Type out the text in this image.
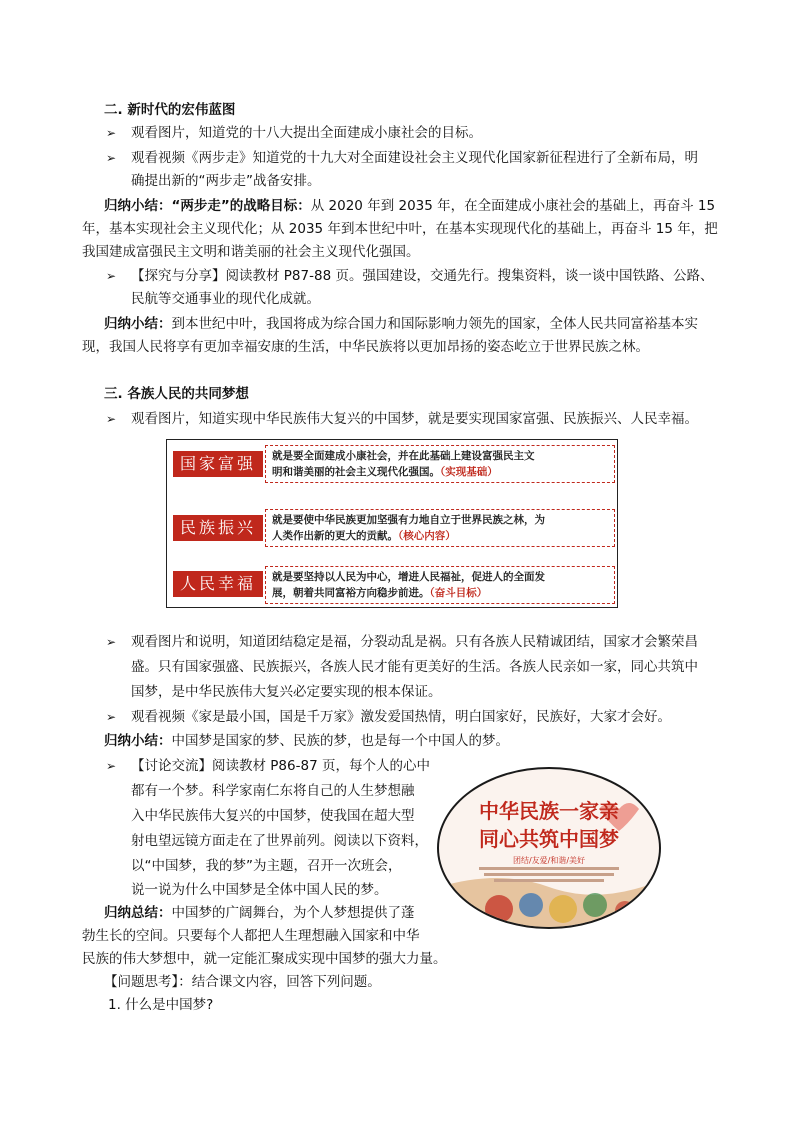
二. 新时代的宏伟蓝图
➢ 观看图片，知道党的十八大提出全面建成小康社会的目标。
➢ 观看视频《两步走》知道党的十九大对全面建设社会主义现代化国家新征程进行了全新布局，明
确提出新的“两步走”战备安排。
归纳小结：“两步走”的战略目标：从 2020 年到 2035 年，在全面建成小康社会的基础上，再奋斗 15
年，基本实现社会主义现代化；从 2035 年到本世纪中叶，在基本实现现代化的基础上，再奋斗 15 年，把
我国建成富强民主文明和谐美丽的社会主义现代化强国。
➢ 【探究与分享】阅读教材 P87-88 页。强国建设，交通先行。搜集资料，谈一谈中国铁路、公路、
民航等交通事业的现代化成就。
归纳小结：到本世纪中叶，我国将成为综合国力和国际影响力领先的国家，全体人民共同富裕基本实
现，我国人民将享有更加幸福安康的生活，中华民族将以更加昂扬的姿态屹立于世界民族之林。
三. 各族人民的共同梦想
➢ 观看图片，知道实现中华民族伟大复兴的中国梦，就是要实现国家富强、民族振兴、人民幸福。
国家富强	就是要全面建成小康社会，并在此基础上建设富强民主文
明和谐美丽的社会主义现代化强国。（实现基础）
民族振兴	就是要使中华民族更加坚强有力地自立于世界民族之林，为
人类作出新的更大的贡献。（核心内容）
人民幸福	就是要坚持以人民为中心，增进人民福祉，促进人的全面发
展，朝着共同富裕方向稳步前进。（奋斗目标）
➢ 观看图片和说明，知道团结稳定是福，分裂动乱是祸。只有各族人民精诚团结，国家才会繁荣昌
盛。只有国家强盛、民族振兴，各族人民才能有更美好的生活。各族人民亲如一家，同心共筑中
国梦，是中华民族伟大复兴必定要实现的根本保证。
➢ 观看视频《家是最小国，国是千万家》激发爱国热情，明白国家好，民族好，大家才会好。
归纳小结：中国梦是国家的梦、民族的梦，也是每一个中国人的梦。
➢ 【讨论交流】阅读教材 P86-87 页，每个人的心中
都有一个梦。科学家南仁东将自己的人生梦想融
入中华民族伟大复兴的中国梦，使我国在超大型
射电望远镜方面走在了世界前列。阅读以下资料，
以“中国梦，我的梦”为主题，召开一次班会，
说一说为什么中国梦是全体中国人民的梦。
归纳总结：中国梦的广阔舞台，为个人梦想提供了蓬
勃生长的空间。只要每个人都把人生理想融入国家和中华
民族的伟大梦想中，就一定能汇聚成实现中国梦的强大力量。
【问题思考】：结合课文内容，回答下列问题。
1. 什么是中国梦?
中华民族一家亲
同心共筑中国梦
团结/友爱/和谐/美好
